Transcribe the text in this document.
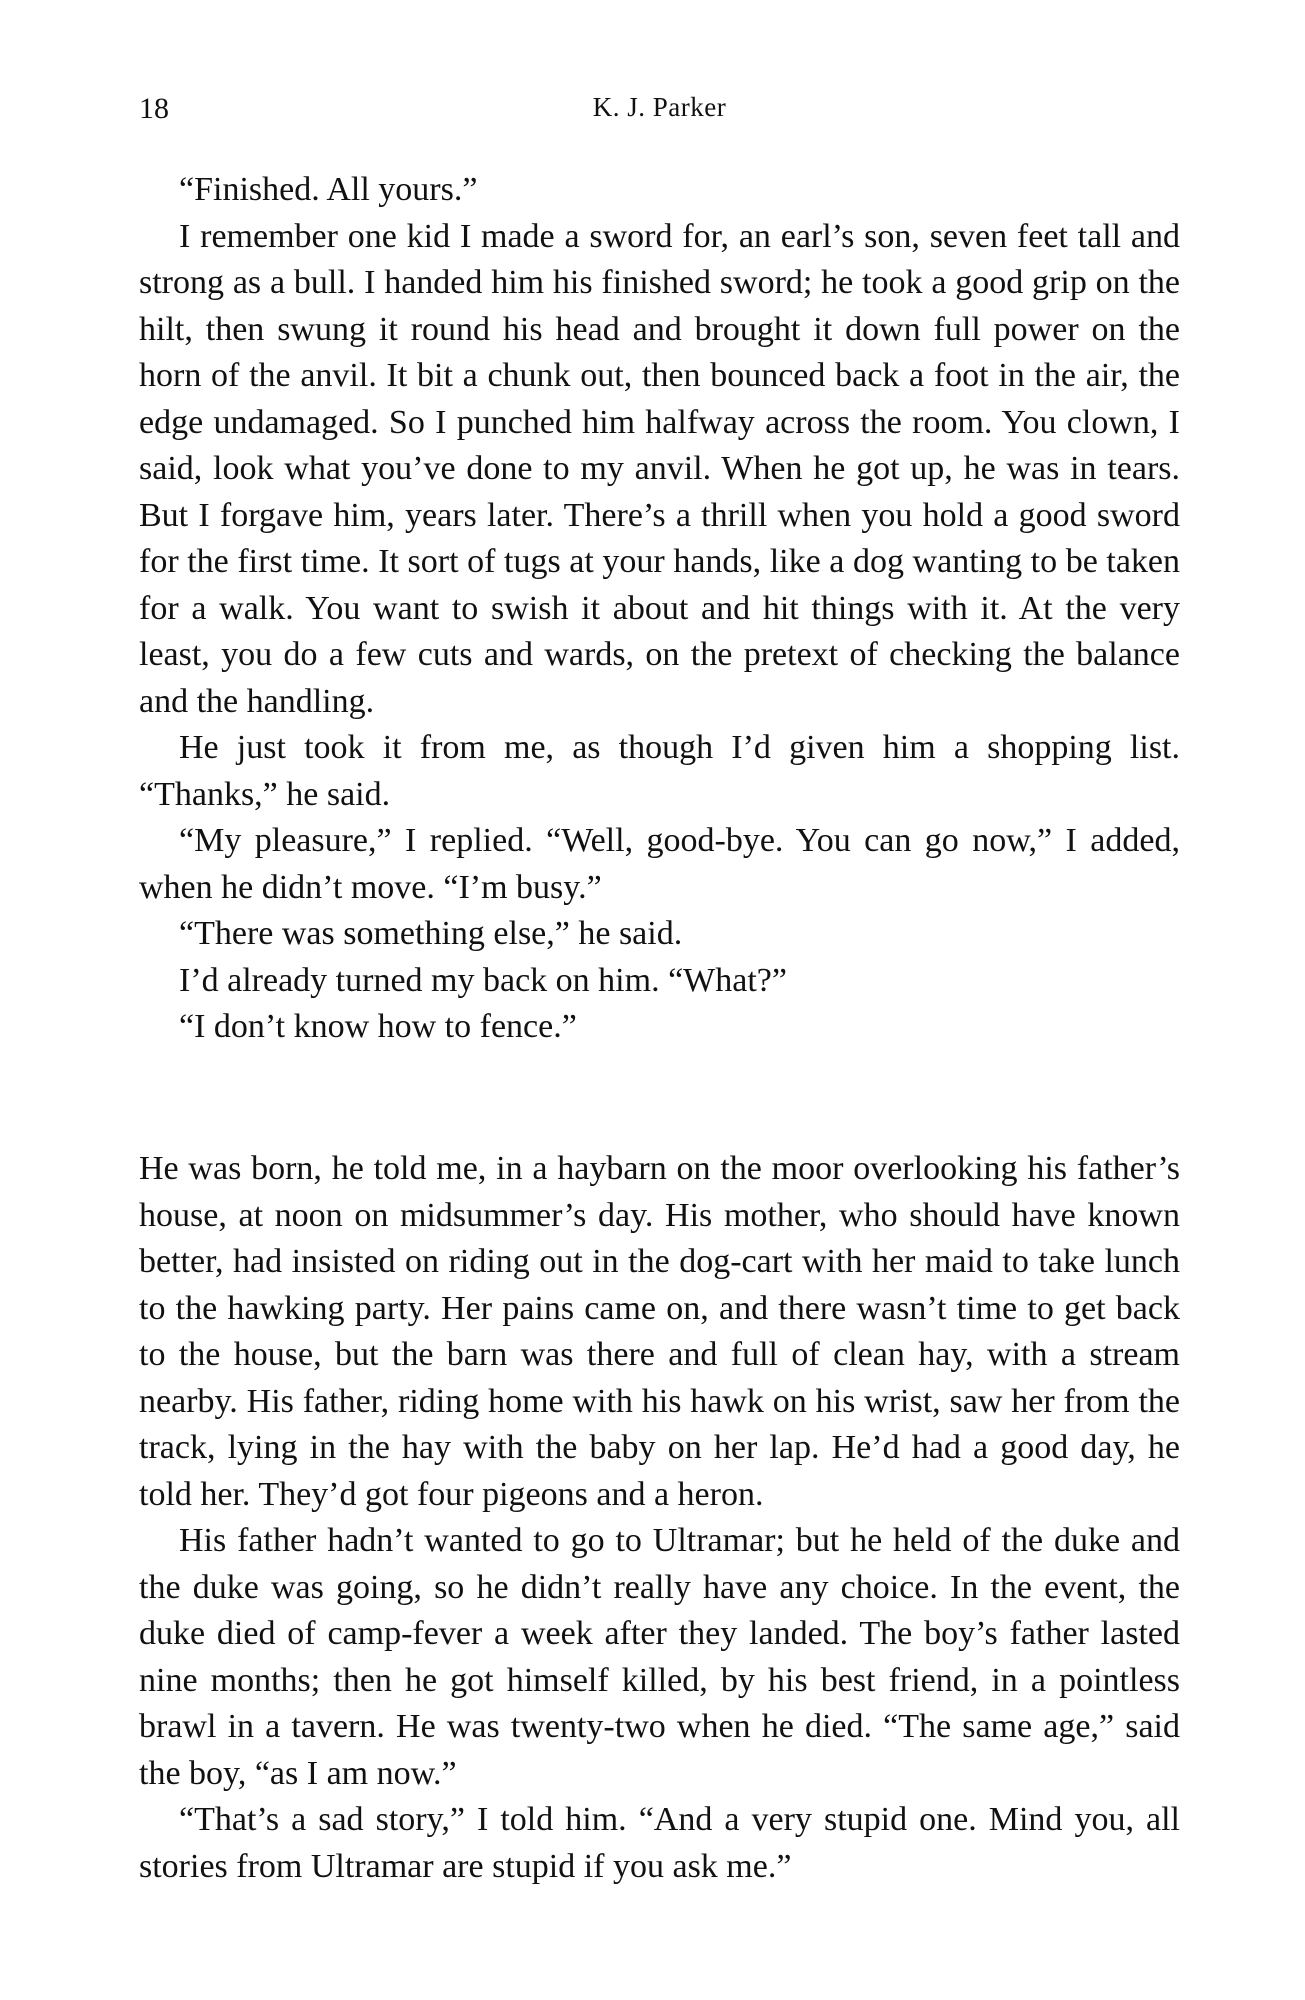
18	K. J. Parker

“Finished. All yours.”

I remember one kid I made a sword for, an earl’s son, seven feet tall and strong as a bull. I handed him his finished sword; he took a good grip on the hilt, then swung it round his head and brought it down full power on the horn of the anvil. It bit a chunk out, then bounced back a foot in the air, the edge undamaged. So I punched him halfway across the room. You clown, I said, look what you’ve done to my anvil. When he got up, he was in tears. But I forgave him, years later. There’s a thrill when you hold a good sword for the first time. It sort of tugs at your hands, like a dog wanting to be taken for a walk. You want to swish it about and hit things with it. At the very least, you do a few cuts and wards, on the pretext of checking the balance and the handling.

He just took it from me, as though I’d given him a shopping list. “Thanks,” he said.

“My pleasure,” I replied. “Well, good-bye. You can go now,” I added, when he didn’t move. “I’m busy.”

“There was something else,” he said.

I’d already turned my back on him. “What?”

“I don’t know how to fence.”

He was born, he told me, in a haybarn on the moor overlooking his father’s house, at noon on midsummer’s day. His mother, who should have known better, had insisted on riding out in the dog-cart with her maid to take lunch to the hawking party. Her pains came on, and there wasn’t time to get back to the house, but the barn was there and full of clean hay, with a stream nearby. His father, riding home with his hawk on his wrist, saw her from the track, lying in the hay with the baby on her lap. He’d had a good day, he told her. They’d got four pigeons and a heron.

His father hadn’t wanted to go to Ultramar; but he held of the duke and the duke was going, so he didn’t really have any choice. In the event, the duke died of camp-fever a week after they landed. The boy’s father lasted nine months; then he got himself killed, by his best friend, in a pointless brawl in a tavern. He was twenty-two when he died. “The same age,” said the boy, “as I am now.”

“That’s a sad story,” I told him. “And a very stupid one. Mind you, all stories from Ultramar are stupid if you ask me.”
